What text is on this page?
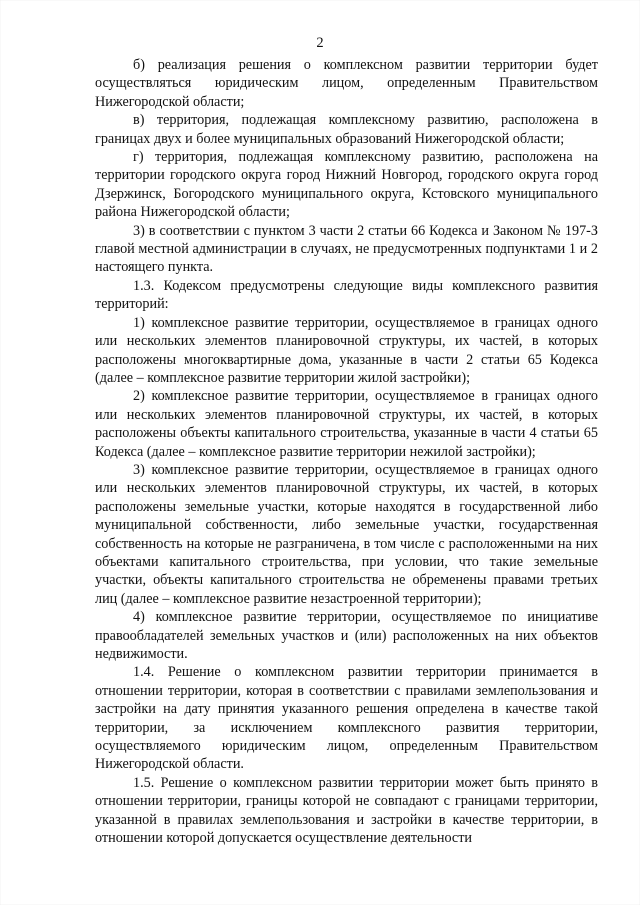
2

б) реализация решения о комплексном развитии территории будет осуществляться юридическим лицом, определенным Правительством Нижегородской области;

в) территория, подлежащая комплексному развитию, расположена в границах двух и более муниципальных образований Нижегородской области;

г) территория, подлежащая комплексному развитию, расположена на территории городского округа город Нижний Новгород, городского округа город Дзержинск, Богородского муниципального округа, Кстовского муниципального района Нижегородской области;

3) в соответствии с пунктом 3 части 2 статьи 66 Кодекса и Законом № 197-З главой местной администрации в случаях, не предусмотренных подпунктами 1 и 2 настоящего пункта.

1.3. Кодексом предусмотрены следующие виды комплексного развития территорий:

1) комплексное развитие территории, осуществляемое в границах одного или нескольких элементов планировочной структуры, их частей, в которых расположены многоквартирные дома, указанные в части 2 статьи 65 Кодекса (далее – комплексное развитие территории жилой застройки);

2) комплексное развитие территории, осуществляемое в границах одного или нескольких элементов планировочной структуры, их частей, в которых расположены объекты капитального строительства, указанные в части 4 статьи 65 Кодекса (далее – комплексное развитие территории нежилой застройки);

3) комплексное развитие территории, осуществляемое в границах одного или нескольких элементов планировочной структуры, их частей, в которых расположены земельные участки, которые находятся в государственной либо муниципальной собственности, либо земельные участки, государственная собственность на которые не разграничена, в том числе с расположенными на них объектами капитального строительства, при условии, что такие земельные участки, объекты капитального строительства не обременены правами третьих лиц (далее – комплексное развитие незастроенной территории);

4) комплексное развитие территории, осуществляемое по инициативе правообладателей земельных участков и (или) расположенных на них объектов недвижимости.

1.4. Решение о комплексном развитии территории принимается в отношении территории, которая в соответствии с правилами землепользования и застройки на дату принятия указанного решения определена в качестве такой территории, за исключением комплексного развития территории, осуществляемого юридическим лицом, определенным Правительством Нижегородской области.

1.5. Решение о комплексном развитии территории может быть принято в отношении территории, границы которой не совпадают с границами территории, указанной в правилах землепользования и застройки в качестве территории, в отношении которой допускается осуществление деятельности
